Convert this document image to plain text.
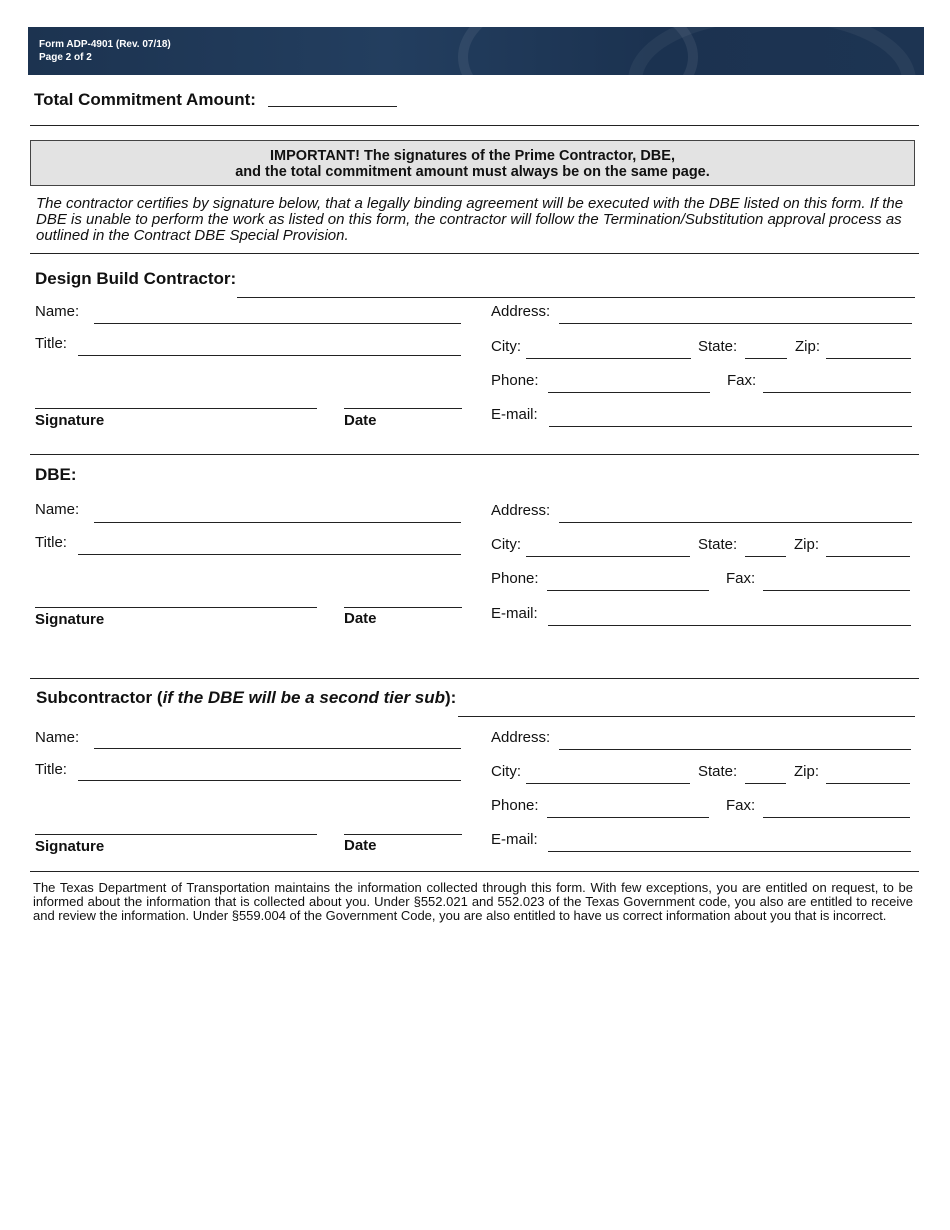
Form ADP-4901 (Rev. 07/18)
Page 2 of 2
Total Commitment Amount:
IMPORTANT! The signatures of the Prime Contractor, DBE,
and the total commitment amount must always be on the same page.
The contractor certifies by signature below, that a legally binding agreement will be executed with the DBE listed on this form. If the DBE is unable to perform the work as listed on this form, the contractor will follow the Termination/Substitution approval process as outlined in the Contract DBE Special Provision.
Design Build Contractor:
Name:
Title:
Signature	Date
Address:
City:	State:	Zip:
Phone:	Fax:
E-mail:
DBE:
Name:
Title:
Signature	Date
Address:
City:	State:	Zip:
Phone:	Fax:
E-mail:
Subcontractor (if the DBE will be a second tier sub):
Name:
Title:
Signature	Date
Address:
City:	State:	Zip:
Phone:	Fax:
E-mail:
The Texas Department of Transportation maintains the information collected through this form. With few exceptions, you are entitled on request, to be informed about the information that is collected about you. Under §552.021 and 552.023 of the Texas Government code, you also are entitled to receive and review the information. Under §559.004 of the Government Code, you are also entitled to have us correct information about you that is incorrect.
